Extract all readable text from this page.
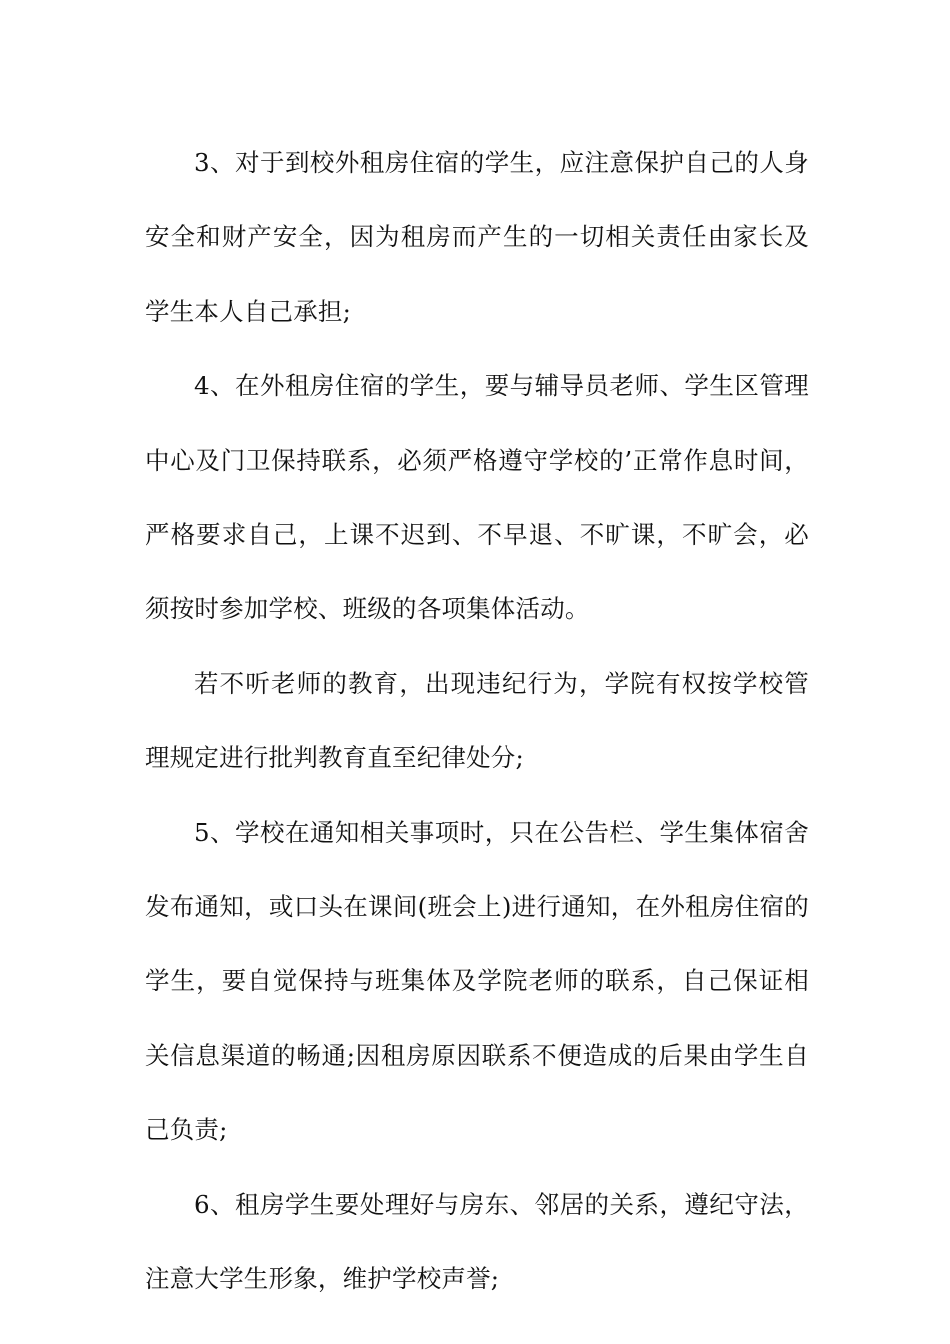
3、对于到校外租房住宿的学生，应注意保护自己的人身安全和财产安全，因为租房而产生的一切相关责任由家长及学生本人自己承担;

4、在外租房住宿的学生，要与辅导员老师、学生区管理中心及门卫保持联系，必须严格遵守学校的’正常作息时间，严格要求自己，上课不迟到、不早退、不旷课，不旷会，必须按时参加学校、班级的各项集体活动。

若不听老师的教育，出现违纪行为，学院有权按学校管理规定进行批判教育直至纪律处分;

5、学校在通知相关事项时，只在公告栏、学生集体宿舍发布通知，或口头在课间(班会上)进行通知，在外租房住宿的学生，要自觉保持与班集体及学院老师的联系，自己保证相关信息渠道的畅通;因租房原因联系不便造成的后果由学生自己负责;

6、租房学生要处理好与房东、邻居的关系，遵纪守法，注意大学生形象，维护学校声誉;
